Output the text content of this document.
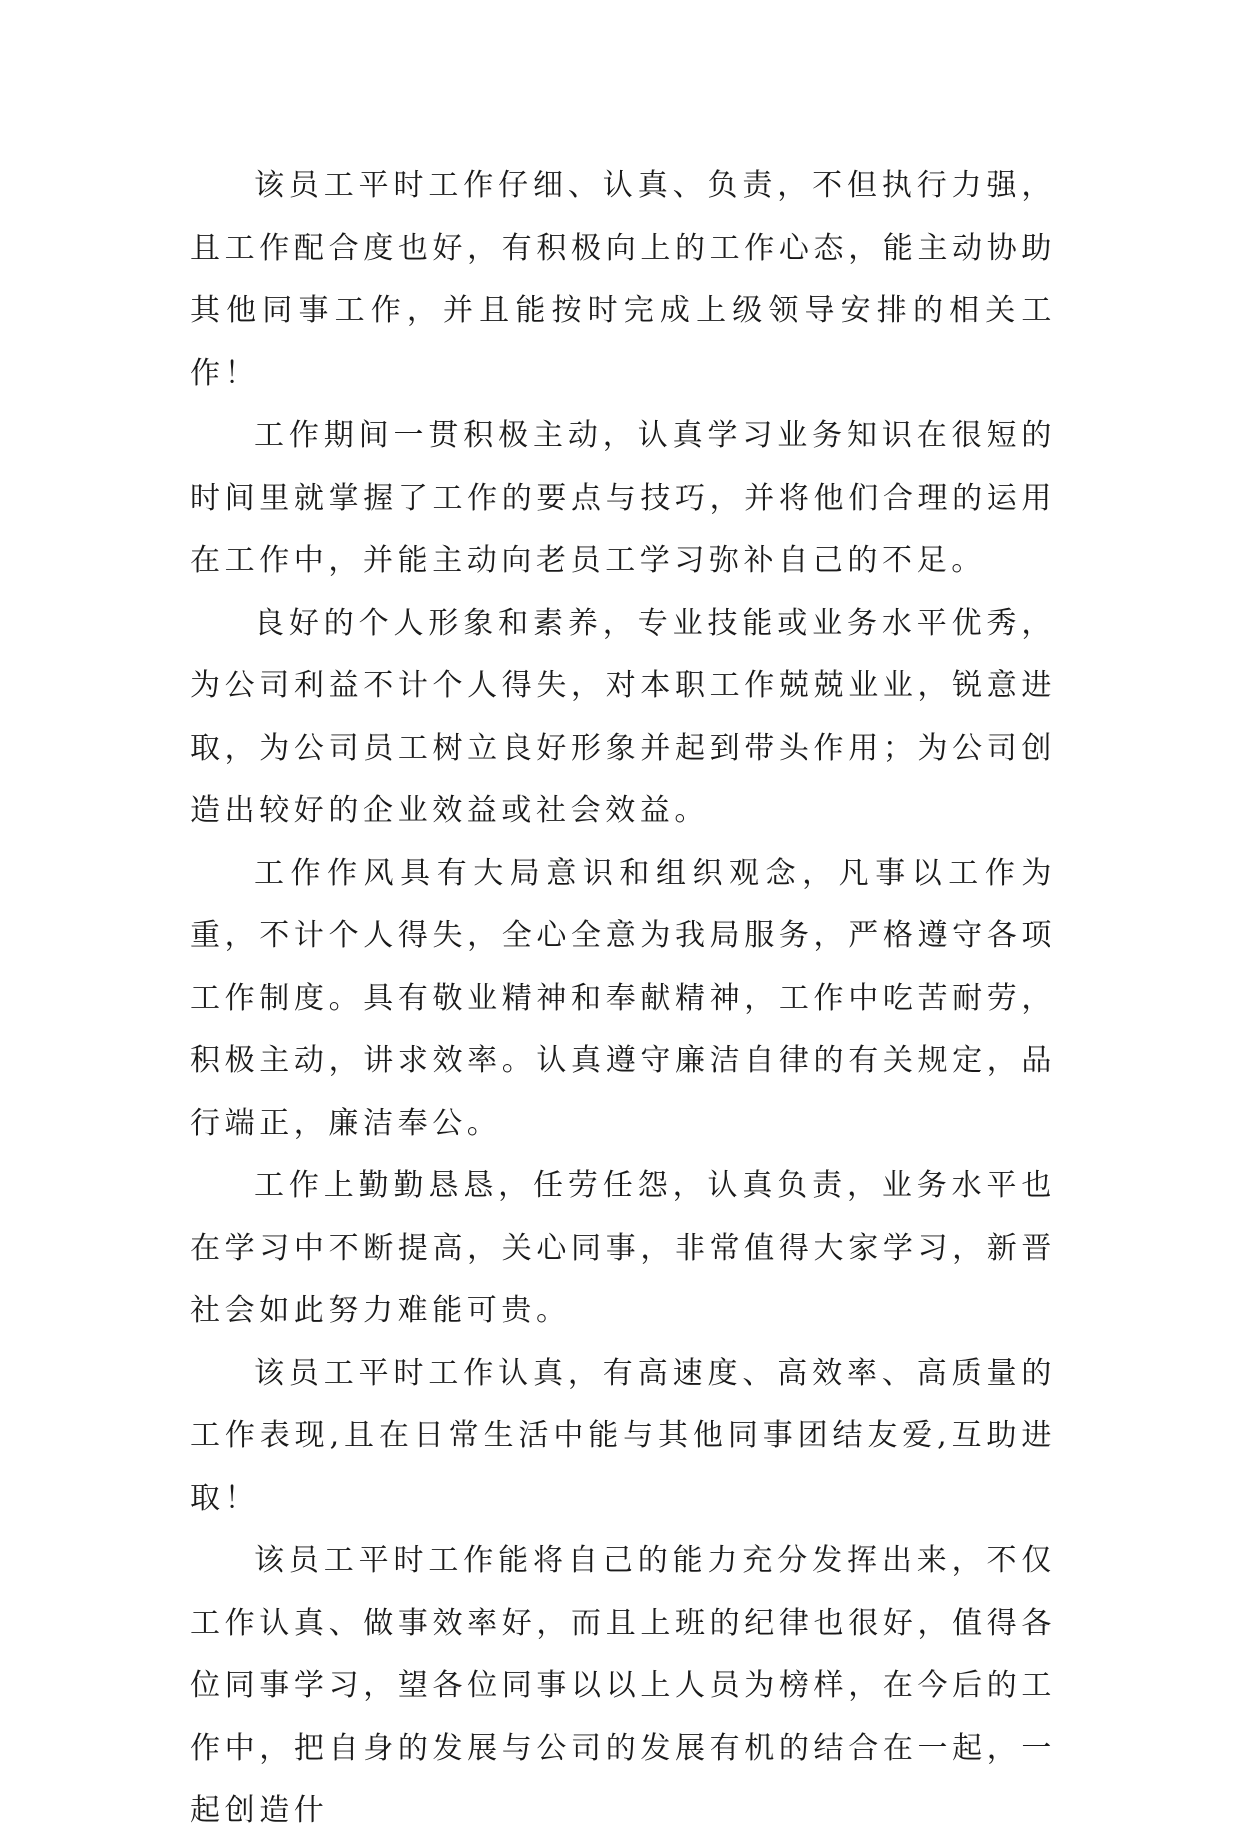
该员工平时工作仔细、认真、负责，不但执行力强，且工作配合度也好，有积极向上的工作心态，能主动协助其他同事工作，并且能按时完成上级领导安排的相关工作！

工作期间一贯积极主动，认真学习业务知识在很短的时间里就掌握了工作的要点与技巧，并将他们合理的运用在工作中，并能主动向老员工学习弥补自己的不足。

良好的个人形象和素养，专业技能或业务水平优秀，为公司利益不计个人得失，对本职工作兢兢业业，锐意进取，为公司员工树立良好形象并起到带头作用；为公司创造出较好的企业效益或社会效益。

工作作风具有大局意识和组织观念，凡事以工作为重，不计个人得失，全心全意为我局服务，严格遵守各项工作制度。具有敬业精神和奉献精神，工作中吃苦耐劳，积极主动，讲求效率。认真遵守廉洁自律的有关规定，品行端正，廉洁奉公。

工作上勤勤恳恳，任劳任怨，认真负责，业务水平也在学习中不断提高，关心同事，非常值得大家学习，新晋社会如此努力难能可贵。

该员工平时工作认真，有高速度、高效率、高质量的工作表现,且在日常生活中能与其他同事团结友爱,互助进取！

该员工平时工作能将自己的能力充分发挥出来，不仅工作认真、做事效率好，而且上班的纪律也很好，值得各位同事学习，望各位同事以以上人员为榜样，在今后的工作中，把自身的发展与公司的发展有机的结合在一起，一起创造什
